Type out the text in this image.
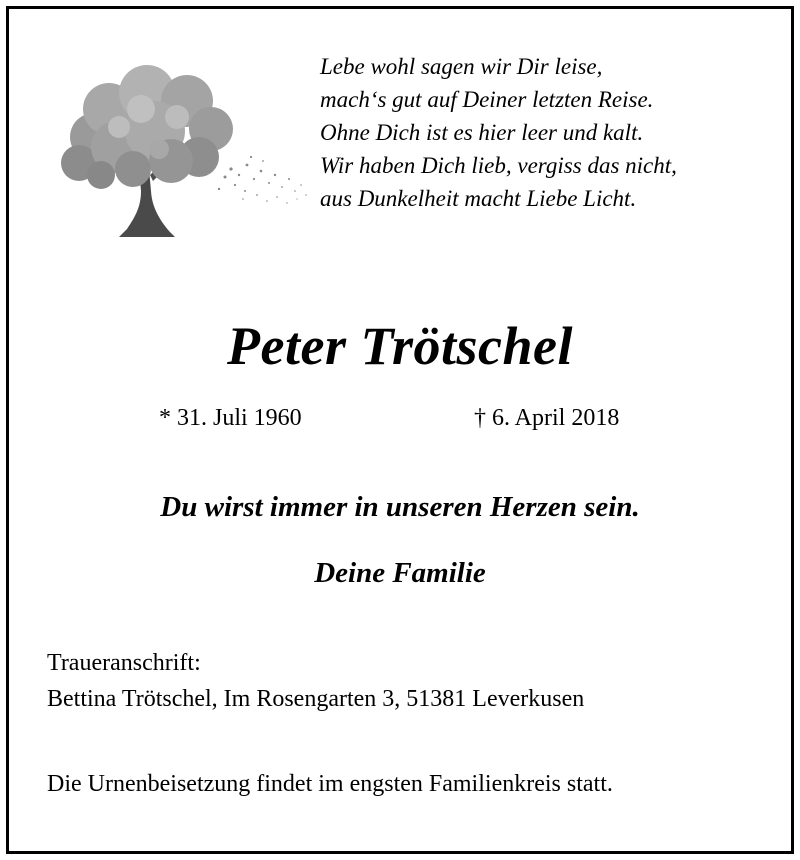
Lebe wohl sagen wir Dir leise,
mach‘s gut auf Deiner letzten Reise.
Ohne Dich ist es hier leer und kalt.
Wir haben Dich lieb, vergiss das nicht,
aus Dunkelheit macht Liebe Licht.
Peter Trötschel
* 31. Juli 1960	† 6. April 2018
Du wirst immer in unseren Herzen sein.
Deine Familie
Traueranschrift:
Bettina Trötschel, Im Rosengarten 3, 51381 Leverkusen
Die Urnenbeisetzung findet im engsten Familienkreis statt.
